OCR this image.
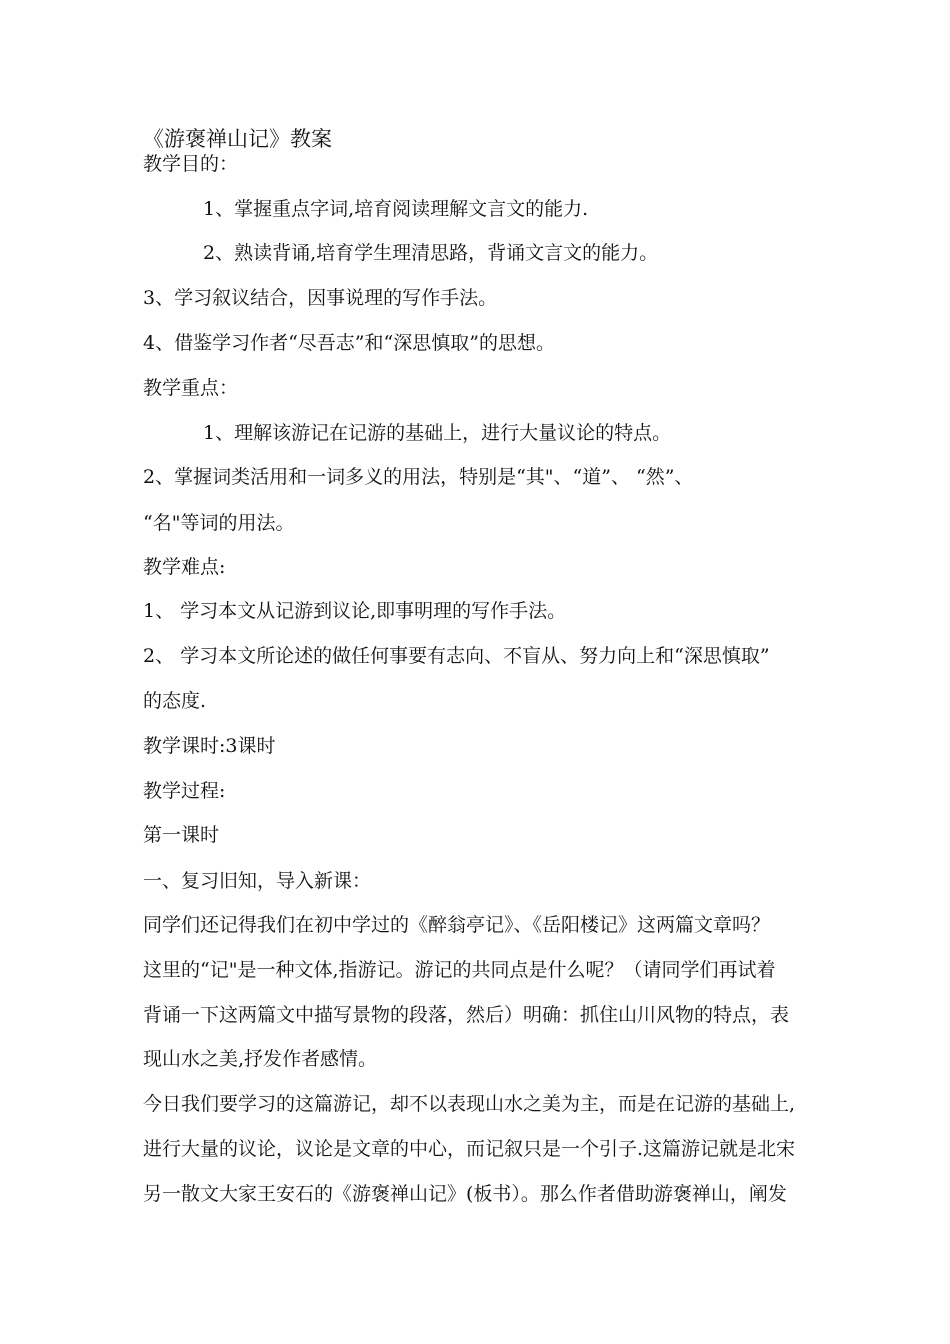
《游褒禅山记》教案
教学目的：
1、掌握重点字词,培育阅读理解文言文的能力.
2、熟读背诵,培育学生理清思路，背诵文言文的能力。
3、学习叙议结合，因事说理的写作手法。
4、借鉴学习作者“尽吾志”和“深思慎取”的思想。
教学重点：
1、理解该游记在记游的基础上，进行大量议论的特点。
2、掌握词类活用和一词多义的用法，特别是“其"、“道”、 “然”、
“名"等词的用法。
教学难点:
1、 学习本文从记游到议论,即事明理的写作手法。
2、 学习本文所论述的做任何事要有志向、不盲从、努力向上和“深思慎取”
的态度.
教学课时:3课时
教学过程:
第一课时
一、复习旧知，导入新课：
同学们还记得我们在初中学过的《醉翁亭记》、《岳阳楼记》这两篇文章吗？
这里的“记"是一种文体,指游记。游记的共同点是什么呢？（请同学们再试着
背诵一下这两篇文中描写景物的段落，然后）明确：抓住山川风物的特点，表
现山水之美,抒发作者感情。
今日我们要学习的这篇游记，却不以表现山水之美为主，而是在记游的基础上,
进行大量的议论，议论是文章的中心，而记叙只是一个引子.这篇游记就是北宋
另一散文大家王安石的《游褒禅山记》(板书）。那么作者借助游褒禅山，阐发
